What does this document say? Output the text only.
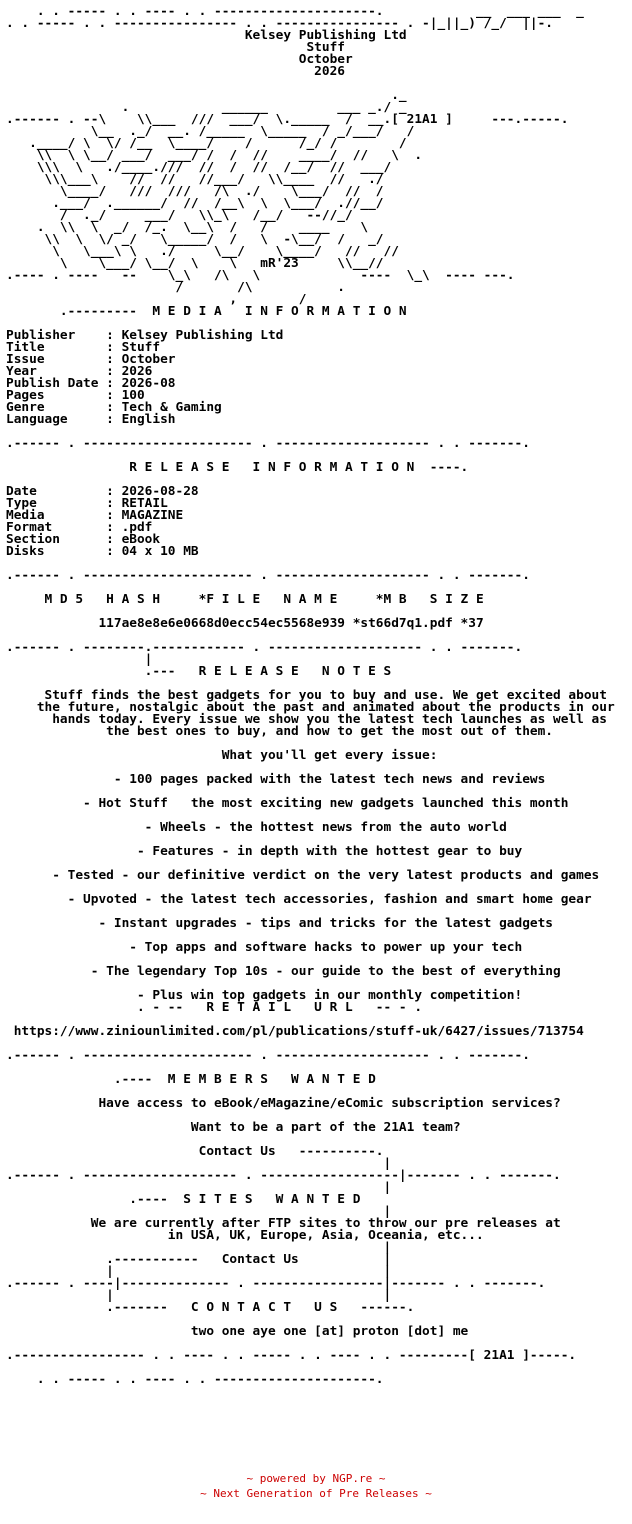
. . ----- . . ---- . . ---------------------.            __  ___ ___  _
. . ----- . . ---------------- . . ---------------- . -|_||_) /_/  ||-.
Kelsey Publishing Ltd
Stuff
October
2026

._
.            ______         ___ _./ _
.------ . --\    \\___  ///  ___/  \._____  /  __.[ 21A1 ]     ---.-----.
\__  ._/  __. /_____  \_____  / _/___/   /
.____/ \  \/ /__  \____/    /      /_/ /        /
\\  \ \__/ ___/  ___/ /  /  //    ____/  //   \  .
\\\  \   ./____.///  //  /  //  /__/  //  ___/
\\\___\    //  //   //___/   \\____  //   ./
\____/   ///  ///   /\  ./    \___/  //  /
.___/  .______/  //  /__\  \  \___/  .//__/
/  ._/     ___/   \\_\   /__/   --//_/
.  \\  \  _/  /_.  \__\  /   /    ____    \
\\  \  \/ _/   \_____/  /   \  -\__/  /   _/
\   \___\ \   ./     \__/    \____/   //   //
\    \___/ \__/  \    \   mR'23     \\__//
.---- . ----   --    \_\   /\   \             ----  \_\  ---- ---.
/       /\           .
,        /
.---------  M E D I A   I N F O R M A T I O N

Publisher    : Kelsey Publishing Ltd
Title        : Stuff
Issue        : October
Year         : 2026
Publish Date : 2026-08
Pages        : 100
Genre        : Tech & Gaming
Language     : English

.------ . ---------------------- . -------------------- . . -------.

R E L E A S E   I N F O R M A T I O N  ----.

Date         : 2026-08-28
Type         : RETAIL
Media        : MAGAZINE
Format       : .pdf
Section      : eBook
Disks        : 04 x 10 MB

.------ . ---------------------- . -------------------- . . -------.

M D 5   H A S H     *F I L E   N A M E     *M B   S I Z E

117ae8e8e6e0668d0ecc54ec5568e939 *st66d7q1.pdf *37

.------ . --------.------------ . -------------------- . . -------.
|
.---   R E L E A S E   N O T E S

Stuff finds the best gadgets for you to buy and use. We get excited about
the future, nostalgic about the past and animated about the products in our
hands today. Every issue we show you the latest tech launches as well as
the best ones to buy, and how to get the most out of them.

What you'll get every issue:

- 100 pages packed with the latest tech news and reviews

- Hot Stuff   the most exciting new gadgets launched this month

- Wheels - the hottest news from the auto world

- Features - in depth with the hottest gear to buy

- Tested - our definitive verdict on the very latest products and games

- Upvoted - the latest tech accessories, fashion and smart home gear

- Instant upgrades - tips and tricks for the latest gadgets

- Top apps and software hacks to power up your tech

- The legendary Top 10s - our guide to the best of everything

- Plus win top gadgets in our monthly competition!
. - --   R E T A I L   U R L   -- - .

https://www.ziniounlimited.com/pl/publications/stuff-uk/6427/issues/713754

.------ . ---------------------- . -------------------- . . -------.

.----  M E M B E R S   W A N T E D

Have access to eBook/eMagazine/eComic subscription services?

Want to be a part of the 21A1 team?

Contact Us   ----------.
|
.------ . -------------------- . ------------------|------- . . -------.
|
.----  S I T E S   W A N T E D
|
We are currently after FTP sites to throw our pre releases at
in USA, UK, Europe, Asia, Oceania, etc...
|
.-----------   Contact Us           |
|                                   |
.------ . ----|-------------- . -----------------|------- . . -------.
|                                   |
.-------   C O N T A C T   U S   ------.

two one aye one [at] proton [dot] me

.----------------- . . ---- . . ----- . . ---- . . ---------[ 21A1 ]-----.

. . ----- . . ---- . . ---------------------.

~ powered by NGP.re ~
~ Next Generation of Pre Releases ~
